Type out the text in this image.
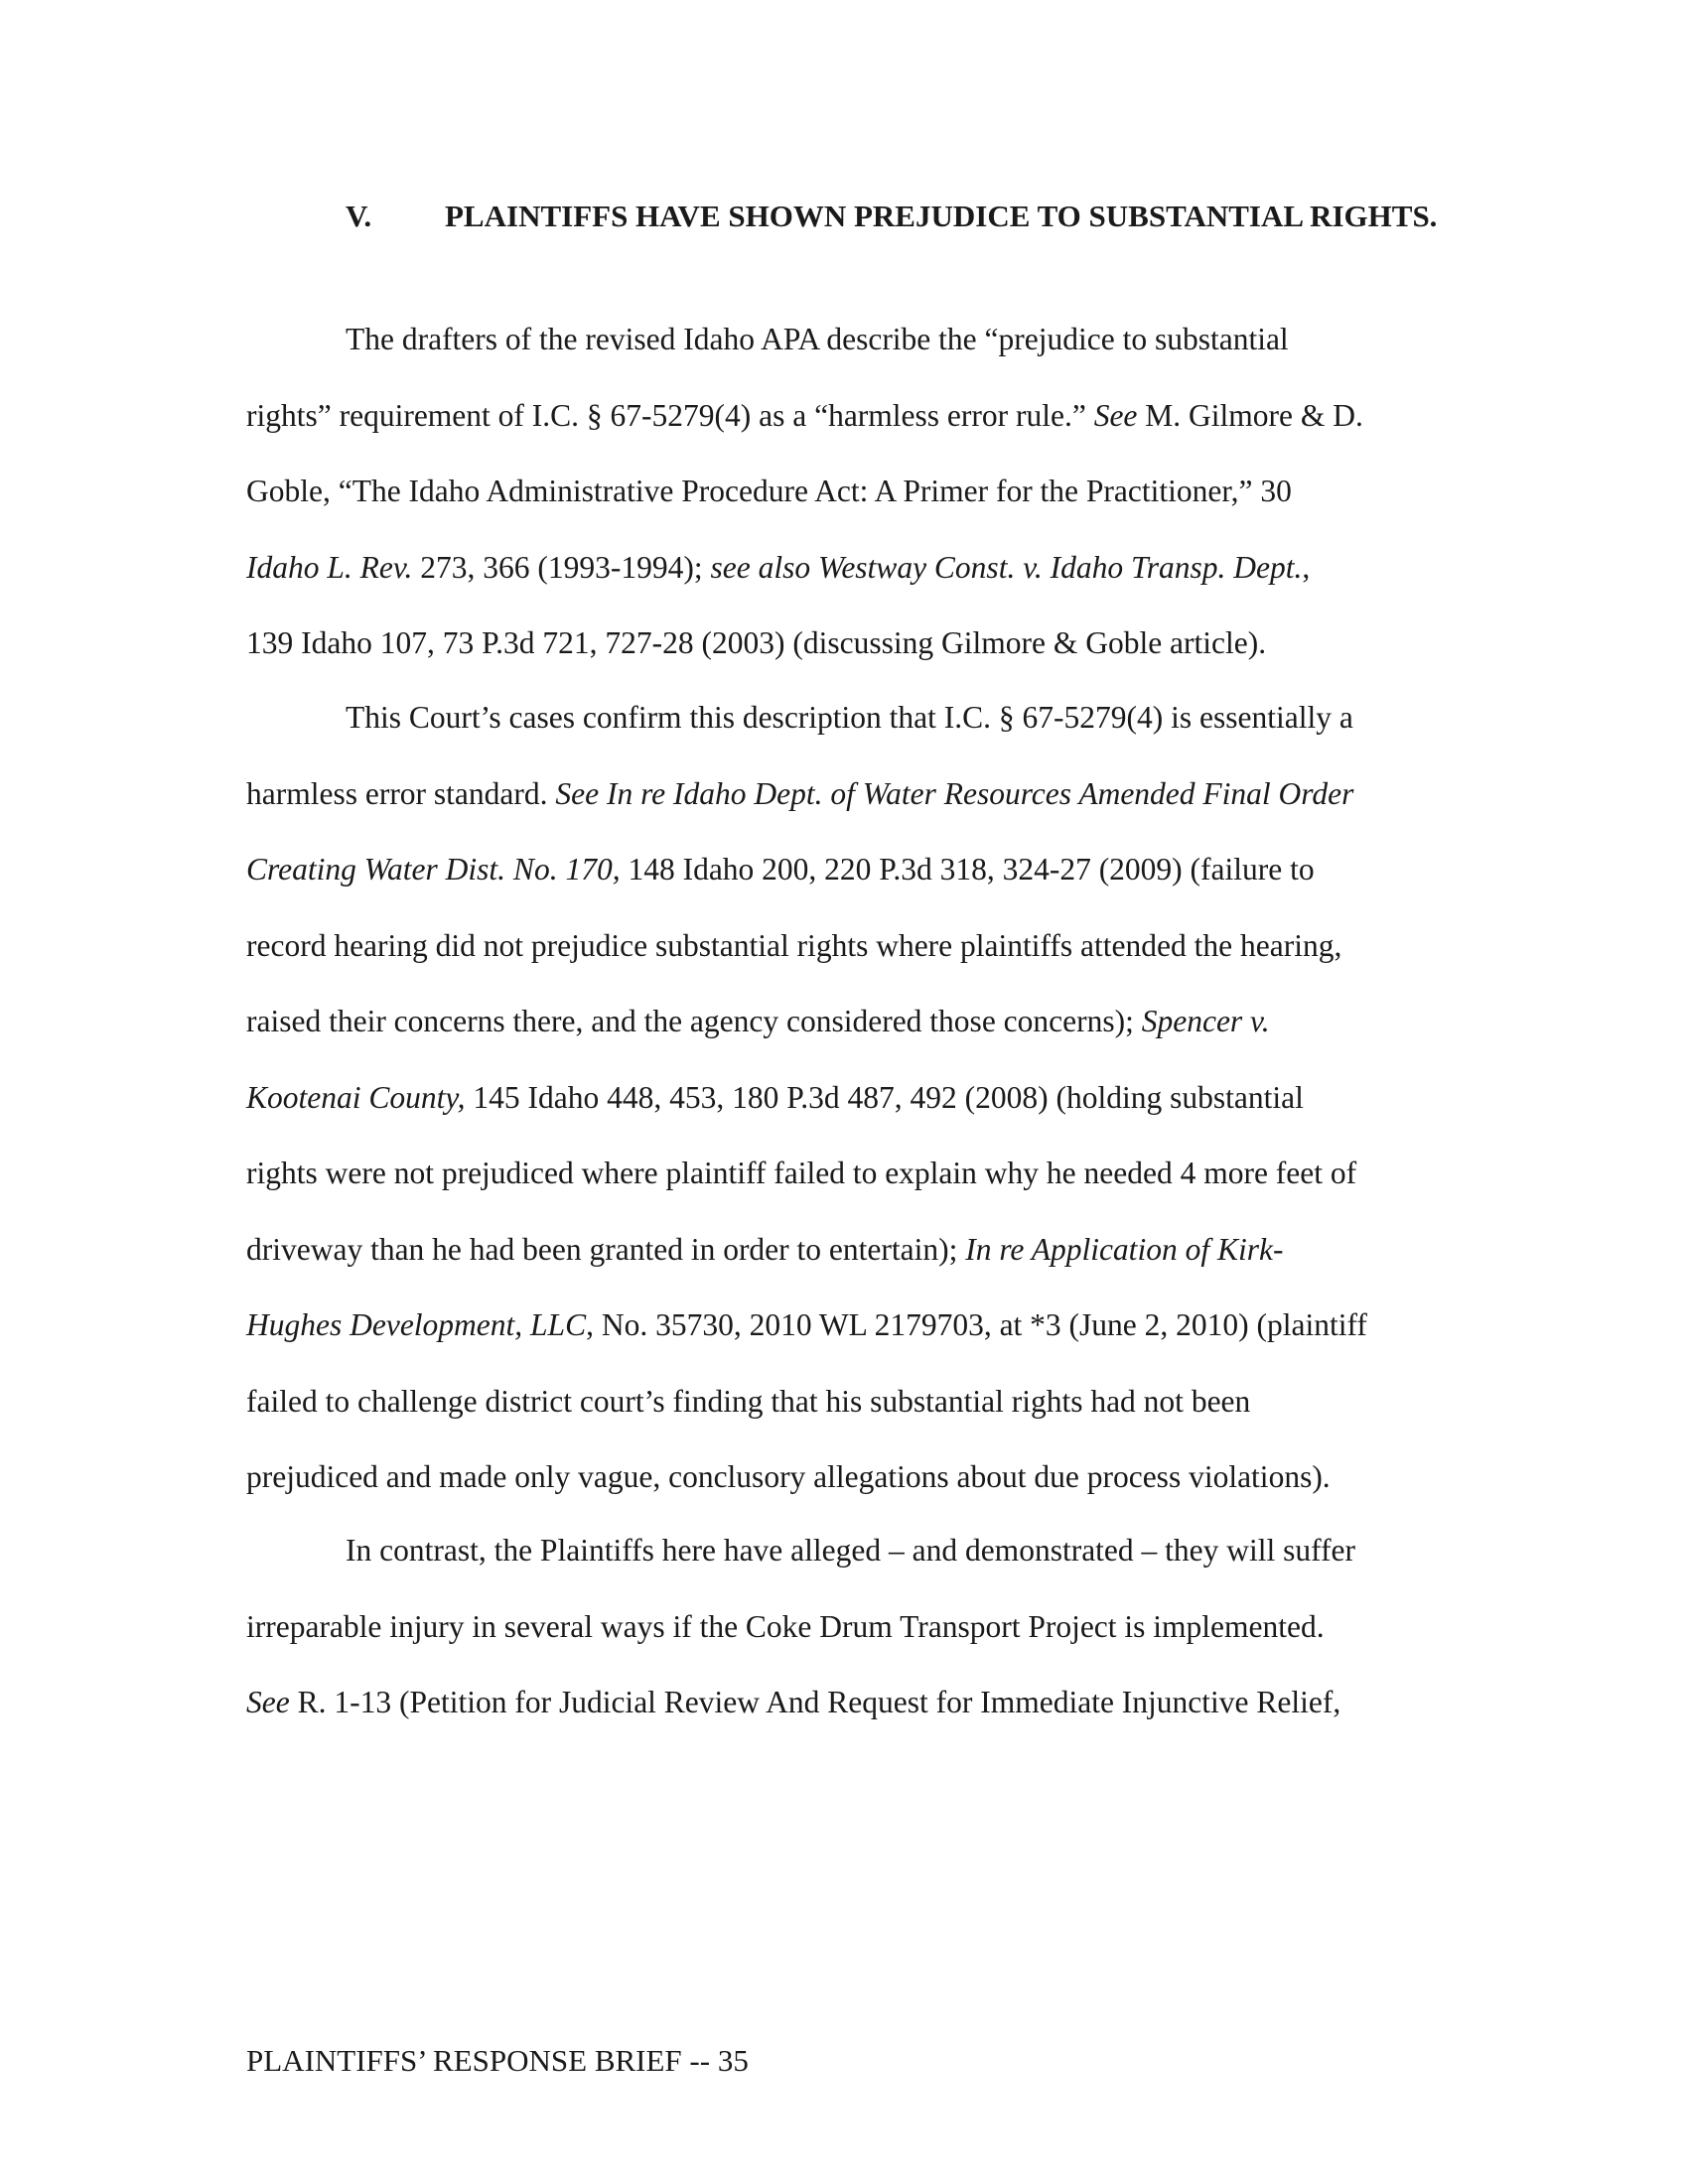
V. PLAINTIFFS HAVE SHOWN PREJUDICE TO SUBSTANTIAL RIGHTS.
The drafters of the revised Idaho APA describe the “prejudice to substantial
rights” requirement of I.C. § 67-5279(4) as a “harmless error rule.” See M. Gilmore & D.
Goble, “The Idaho Administrative Procedure Act: A Primer for the Practitioner,” 30
Idaho L. Rev. 273, 366 (1993-1994); see also Westway Const. v. Idaho Transp. Dept.,
139 Idaho 107, 73 P.3d 721, 727-28 (2003) (discussing Gilmore & Goble article).
This Court’s cases confirm this description that I.C. § 67-5279(4) is essentially a
harmless error standard. See In re Idaho Dept. of Water Resources Amended Final Order
Creating Water Dist. No. 170, 148 Idaho 200, 220 P.3d 318, 324-27 (2009) (failure to
record hearing did not prejudice substantial rights where plaintiffs attended the hearing,
raised their concerns there, and the agency considered those concerns); Spencer v.
Kootenai County, 145 Idaho 448, 453, 180 P.3d 487, 492 (2008) (holding substantial
rights were not prejudiced where plaintiff failed to explain why he needed 4 more feet of
driveway than he had been granted in order to entertain); In re Application of Kirk-
Hughes Development, LLC, No. 35730, 2010 WL 2179703, at *3 (June 2, 2010) (plaintiff
failed to challenge district court’s finding that his substantial rights had not been
prejudiced and made only vague, conclusory allegations about due process violations).
In contrast, the Plaintiffs here have alleged – and demonstrated – they will suffer
irreparable injury in several ways if the Coke Drum Transport Project is implemented.
See R. 1-13 (Petition for Judicial Review And Request for Immediate Injunctive Relief,
PLAINTIFFS’ RESPONSE BRIEF -- 35
